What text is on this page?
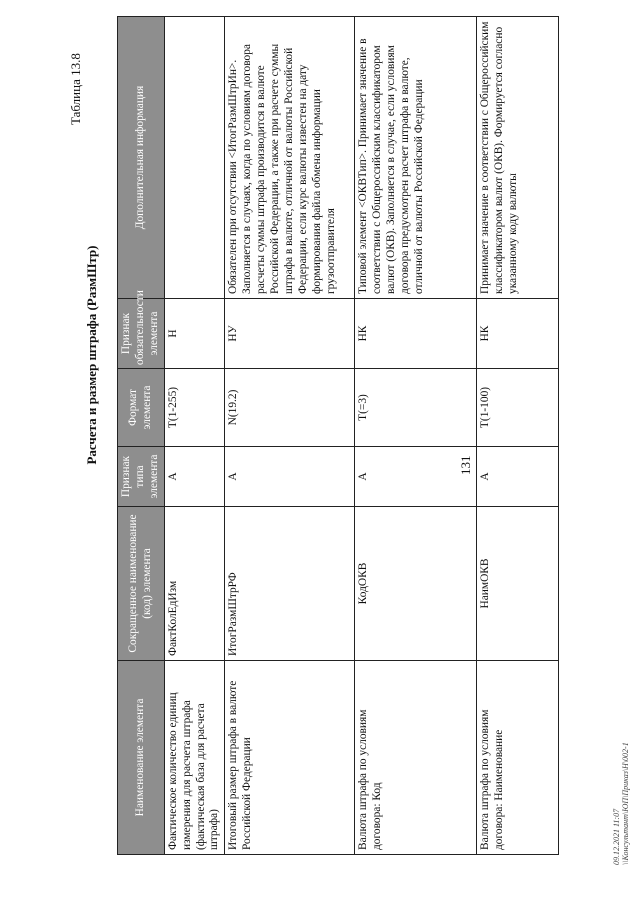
131
Таблица 13.8
Расчета и размер штрафа (РазмШтр)
Наименование элемента	Сокращенное наименование (код) элемента	Признак типа элемента	Формат элемента	Признак обязательности элемента	Дополнительная информация
Фактическое количество единиц измерения для расчета штрафа (фактическая база для расчета штрафа)	ФактКолЕдИзм	А	T(1-255)	Н	
Итоговый размер штрафа в валюте Российской Федерации	ИтогРазмШтрРФ	А	N(19.2)	НУ	Обязателен при отсутствии <ИтогРазмШтрИн>. Заполняется в случаях, когда по условиям договора расчеты суммы штрафа производится в валюте Российской Федерации, а также при расчете суммы штрафа в валюте, отличной от валюты Российской Федерации, если курс валюты известен на дату формирования файла обмена информации грузоотправителя
Валюта штрафа по условиям договора: Код	КодОКВ	А	T(=3)	НК	Типовой элемент <ОКВТип>. Принимает значение в соответствии с Общероссийским классификатором валют (ОКВ). Заполняется в случае, если условиям договора предусмотрен расчет штрафа в валюте, отличной от валюты Российской Федерации
Валюта штрафа по условиям договора: Наименование	НаимОКВ	А	T(1-100)	НК	Принимает значение в соответствии с Общероссийским классификатором валют (ОКВ). Формируется согласно указанному коду валюты
09.12.2021 11:07 \\Консультант\ЮП\Приказ\Н\002-1
